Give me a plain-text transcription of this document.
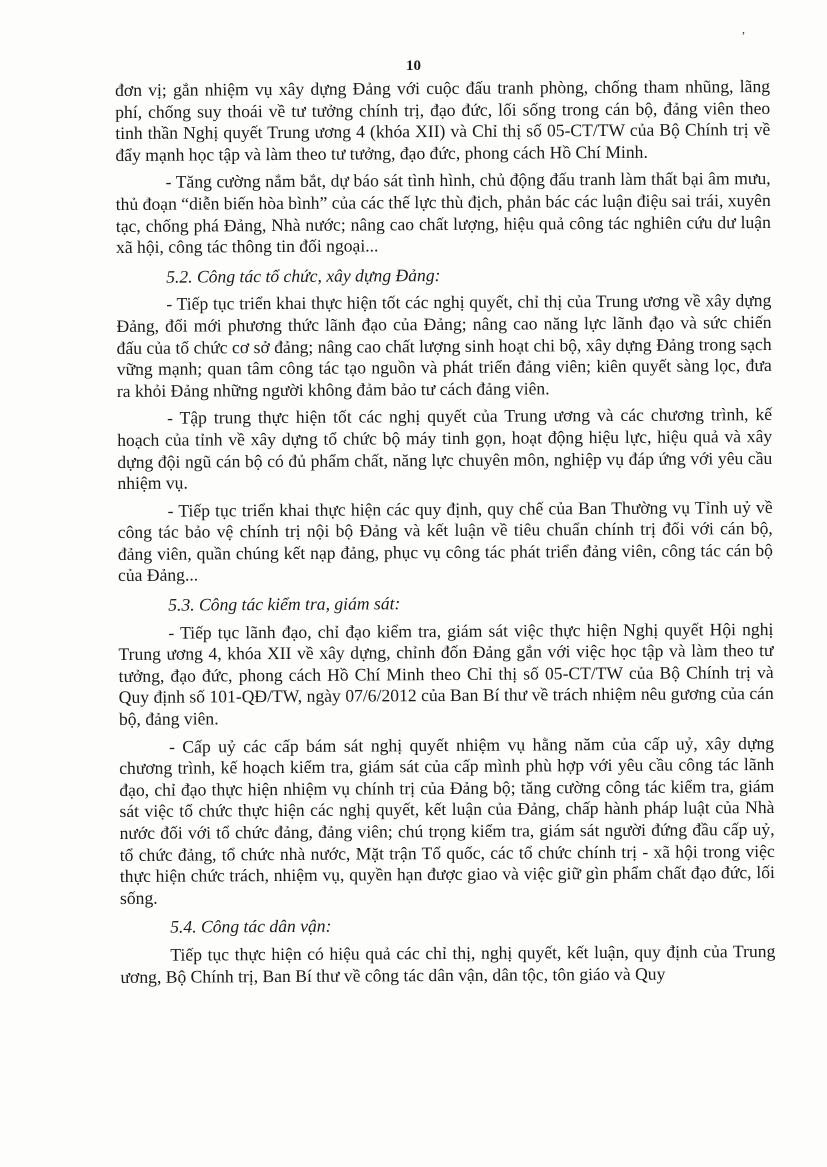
10
,

đơn vị; gắn nhiệm vụ xây dựng Đảng với cuộc đấu tranh phòng, chống tham nhũng, lãng phí, chống suy thoái về tư tưởng chính trị, đạo đức, lối sống trong cán bộ, đảng viên theo tinh thần Nghị quyết Trung ương 4 (khóa XII) và Chỉ thị số 05-CT/TW của Bộ Chính trị về đẩy mạnh học tập và làm theo tư tưởng, đạo đức, phong cách Hồ Chí Minh.

- Tăng cường nắm bắt, dự báo sát tình hình, chủ động đấu tranh làm thất bại âm mưu, thủ đoạn “diễn biến hòa bình” của các thế lực thù địch, phản bác các luận điệu sai trái, xuyên tạc, chống phá Đảng, Nhà nước; nâng cao chất lượng, hiệu quả công tác nghiên cứu dư luận xã hội, công tác thông tin đối ngoại...

5.2. Công tác tổ chức, xây dựng Đảng:

- Tiếp tục triển khai thực hiện tốt các nghị quyết, chỉ thị của Trung ương về xây dựng Đảng, đổi mới phương thức lãnh đạo của Đảng; nâng cao năng lực lãnh đạo và sức chiến đấu của tổ chức cơ sở đảng; nâng cao chất lượng sinh hoạt chi bộ, xây dựng Đảng trong sạch vững mạnh; quan tâm công tác tạo nguồn và phát triển đảng viên; kiên quyết sàng lọc, đưa ra khỏi Đảng những người không đảm bảo tư cách đảng viên.

- Tập trung thực hiện tốt các nghị quyết của Trung ương và các chương trình, kế hoạch của tỉnh về xây dựng tổ chức bộ máy tinh gọn, hoạt động hiệu lực, hiệu quả và xây dựng đội ngũ cán bộ có đủ phẩm chất, năng lực chuyên môn, nghiệp vụ đáp ứng với yêu cầu nhiệm vụ.

- Tiếp tục triển khai thực hiện các quy định, quy chế của Ban Thường vụ Tỉnh uỷ về công tác bảo vệ chính trị nội bộ Đảng và kết luận về tiêu chuẩn chính trị đối với cán bộ, đảng viên, quần chúng kết nạp đảng, phục vụ công tác phát triển đảng viên, công tác cán bộ của Đảng...

5.3. Công tác kiểm tra, giám sát:

- Tiếp tục lãnh đạo, chỉ đạo kiểm tra, giám sát việc thực hiện Nghị quyết Hội nghị Trung ương 4, khóa XII về xây dựng, chỉnh đốn Đảng gắn với việc học tập và làm theo tư tưởng, đạo đức, phong cách Hồ Chí Minh theo Chỉ thị số 05-CT/TW của Bộ Chính trị và Quy định số 101-QĐ/TW, ngày 07/6/2012 của Ban Bí thư về trách nhiệm nêu gương của cán bộ, đảng viên.

- Cấp uỷ các cấp bám sát nghị quyết nhiệm vụ hằng năm của cấp uỷ, xây dựng chương trình, kế hoạch kiểm tra, giám sát của cấp mình phù hợp với yêu cầu công tác lãnh đạo, chỉ đạo thực hiện nhiệm vụ chính trị của Đảng bộ; tăng cường công tác kiểm tra, giám sát việc tổ chức thực hiện các nghị quyết, kết luận của Đảng, chấp hành pháp luật của Nhà nước đối với tổ chức đảng, đảng viên; chú trọng kiểm tra, giám sát người đứng đầu cấp uỷ, tổ chức đảng, tổ chức nhà nước, Mặt trận Tổ quốc, các tổ chức chính trị - xã hội trong việc thực hiện chức trách, nhiệm vụ, quyền hạn được giao và việc giữ gìn phẩm chất đạo đức, lối sống.

5.4. Công tác dân vận:

Tiếp tục thực hiện có hiệu quả các chỉ thị, nghị quyết, kết luận, quy định của Trung ương, Bộ Chính trị, Ban Bí thư về công tác dân vận, dân tộc, tôn giáo và Quy
